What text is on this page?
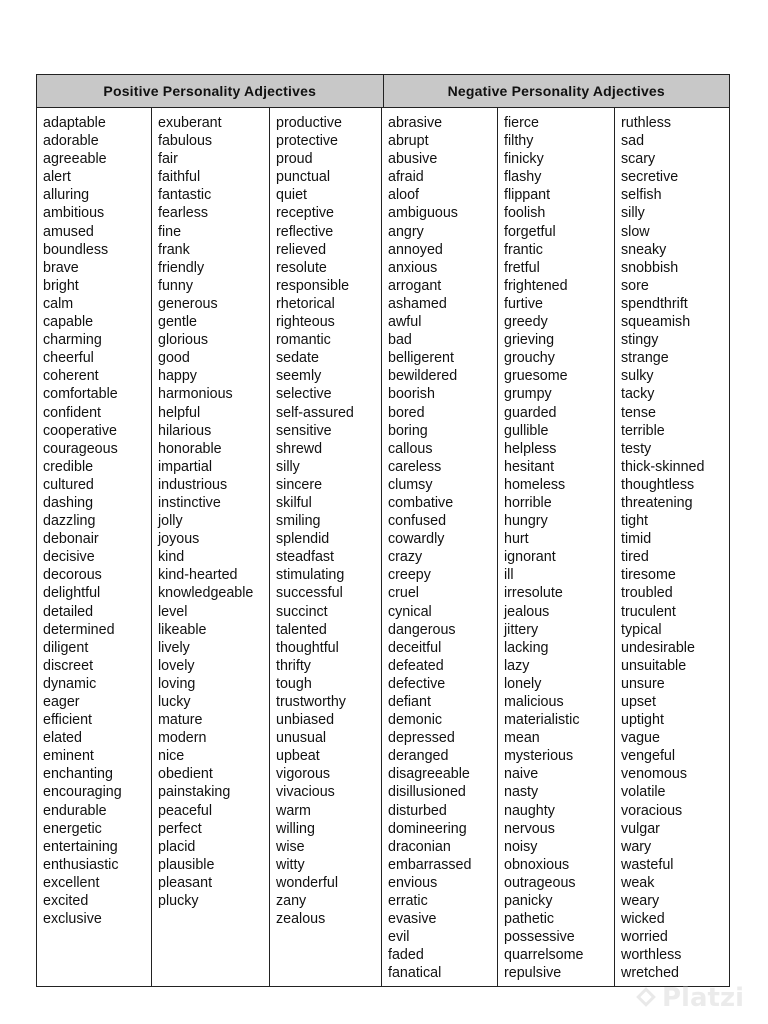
Positive Personality Adjectives	Negative Personality Adjectives
adaptable
adorable
agreeable
alert
alluring
ambitious
amused
boundless
brave
bright
calm
capable
charming
cheerful
coherent
comfortable
confident
cooperative
courageous
credible
cultured
dashing
dazzling
debonair
decisive
decorous
delightful
detailed
determined
diligent
discreet
dynamic
eager
efficient
elated
eminent
enchanting
encouraging
endurable
energetic
entertaining
enthusiastic
excellent
excited
exclusive
exuberant
fabulous
fair
faithful
fantastic
fearless
fine
frank
friendly
funny
generous
gentle
glorious
good
happy
harmonious
helpful
hilarious
honorable
impartial
industrious
instinctive
jolly
joyous
kind
kind-hearted
knowledgeable
level
likeable
lively
lovely
loving
lucky
mature
modern
nice
obedient
painstaking
peaceful
perfect
placid
plausible
pleasant
plucky
productive
protective
proud
punctual
quiet
receptive
reflective
relieved
resolute
responsible
rhetorical
righteous
romantic
sedate
seemly
selective
self-assured
sensitive
shrewd
silly
sincere
skilful
smiling
splendid
steadfast
stimulating
successful
succinct
talented
thoughtful
thrifty
tough
trustworthy
unbiased
unusual
upbeat
vigorous
vivacious
warm
willing
wise
witty
wonderful
zany
zealous
abrasive
abrupt
abusive
afraid
aloof
ambiguous
angry
annoyed
anxious
arrogant
ashamed
awful
bad
belligerent
bewildered
boorish
bored
boring
callous
careless
clumsy
combative
confused
cowardly
crazy
creepy
cruel
cynical
dangerous
deceitful
defeated
defective
defiant
demonic
depressed
deranged
disagreeable
disillusioned
disturbed
domineering
draconian
embarrassed
envious
erratic
evasive
evil
faded
fanatical
fierce
filthy
finicky
flashy
flippant
foolish
forgetful
frantic
fretful
frightened
furtive
greedy
grieving
grouchy
gruesome
grumpy
guarded
gullible
helpless
hesitant
homeless
horrible
hungry
hurt
ignorant
ill
irresolute
jealous
jittery
lacking
lazy
lonely
malicious
materialistic
mean
mysterious
naive
nasty
naughty
nervous
noisy
obnoxious
outrageous
panicky
pathetic
possessive
quarrelsome
repulsive
ruthless
sad
scary
secretive
selfish
silly
slow
sneaky
snobbish
sore
spendthrift
squeamish
stingy
strange
sulky
tacky
tense
terrible
testy
thick-skinned
thoughtless
threatening
tight
timid
tired
tiresome
troubled
truculent
typical
undesirable
unsuitable
unsure
upset
uptight
vague
vengeful
venomous
volatile
voracious
vulgar
wary
wasteful
weak
weary
wicked
worried
worthless
wretched
Platzi
